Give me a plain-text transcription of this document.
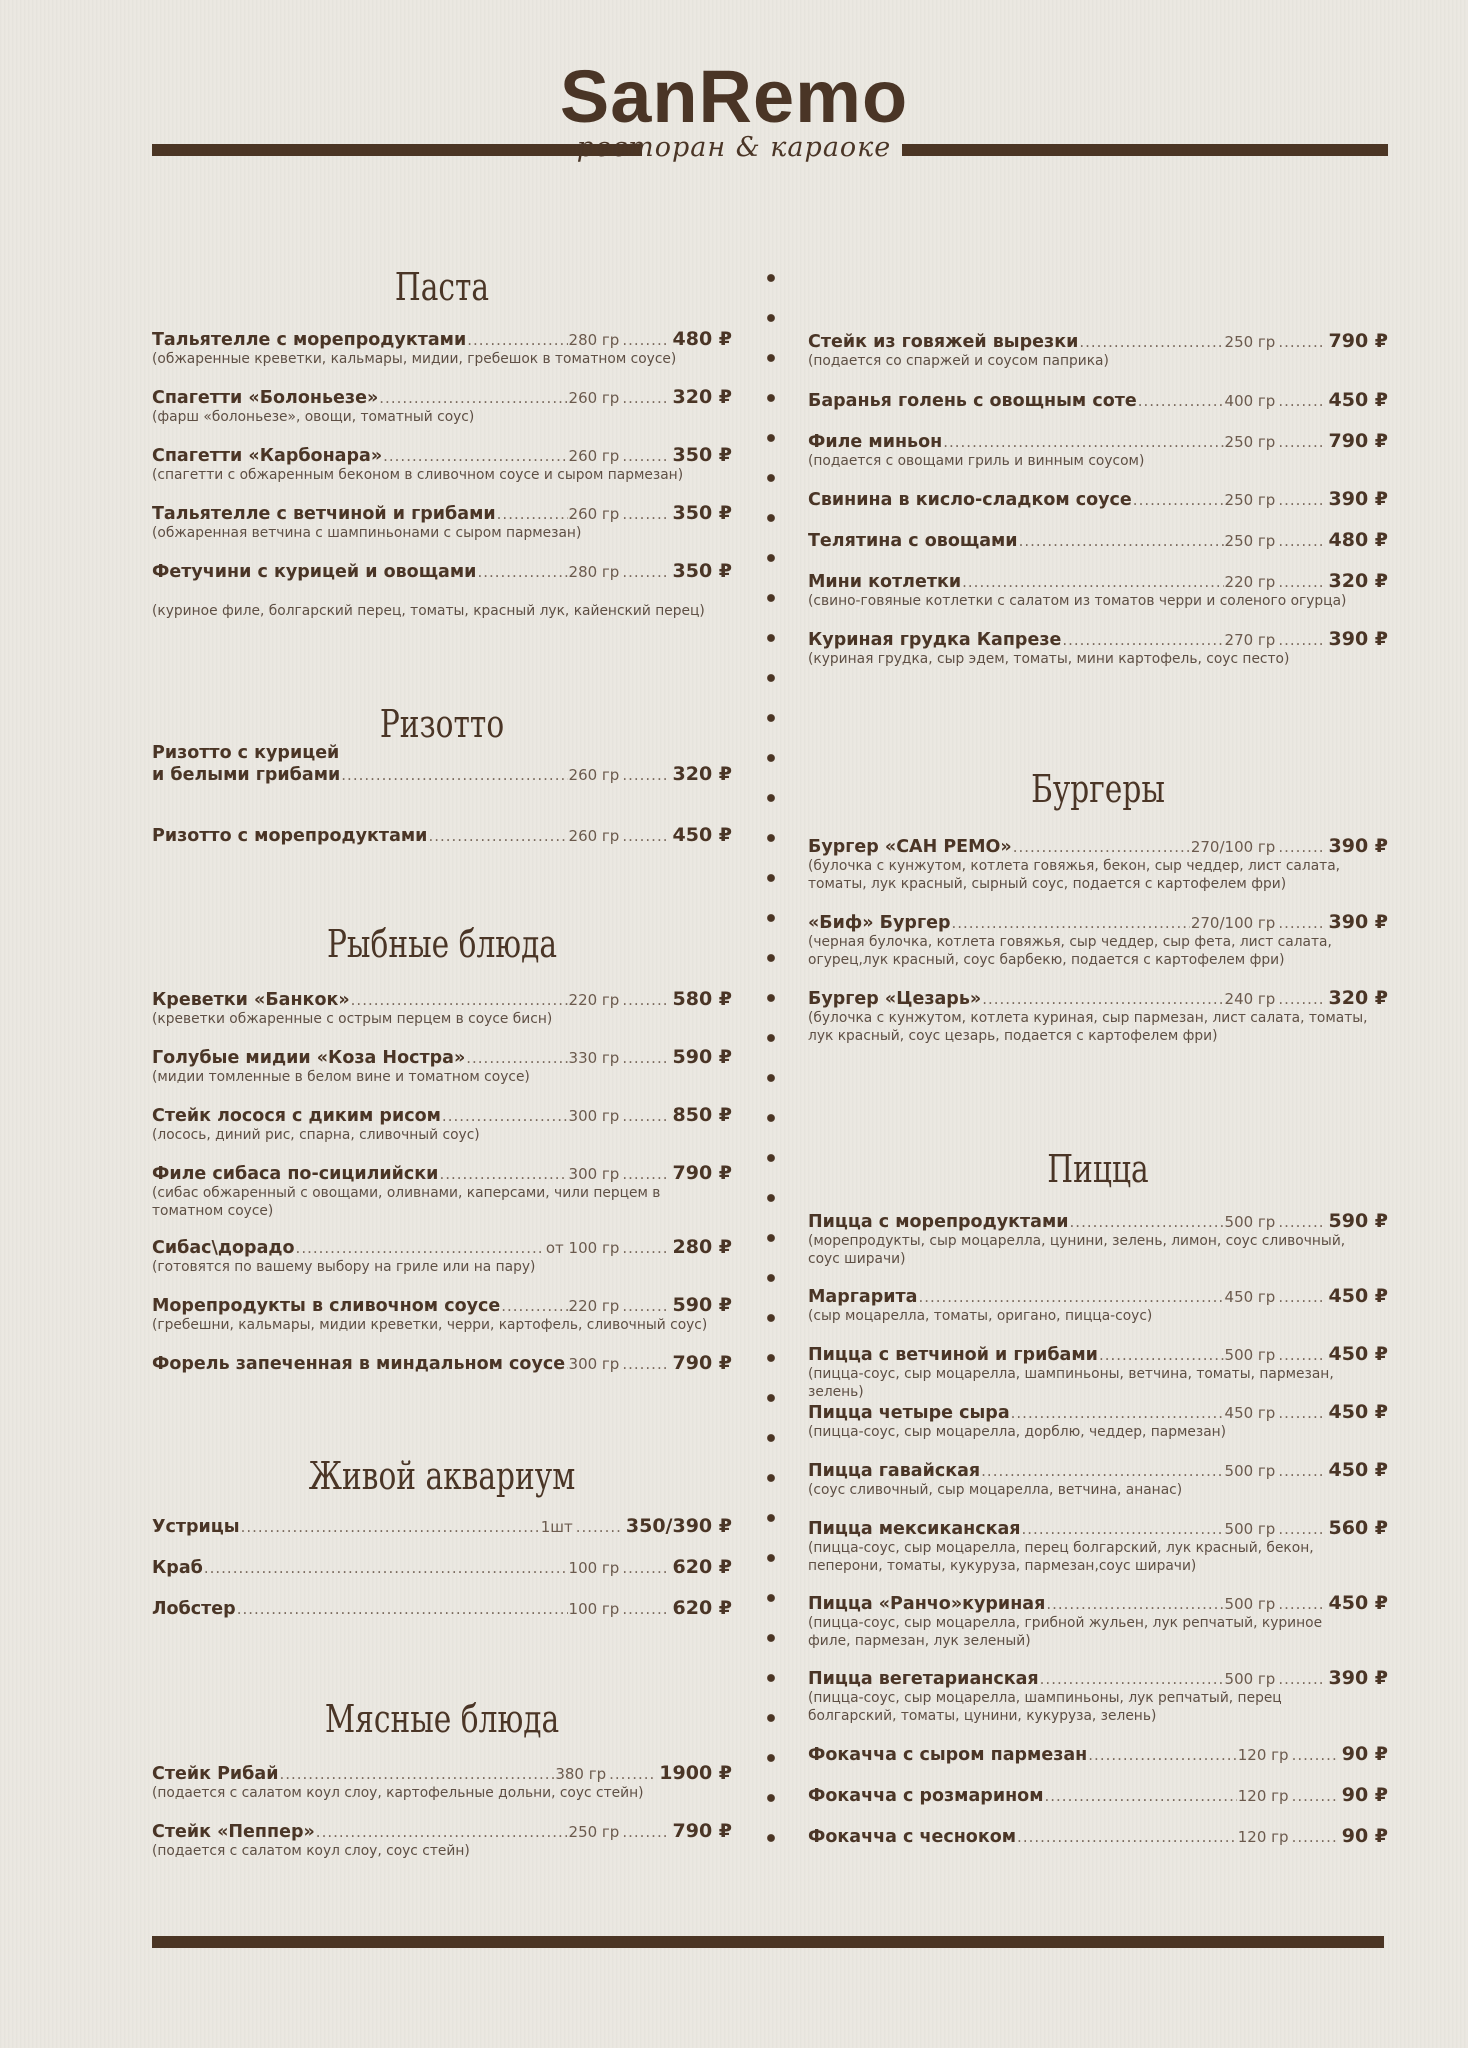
SanRemo
ресторан & караоке
Паста
Тальятелле с морепродуктами .....	280 гр ........	480 ₽
(обжаренные креветки, кальмары, мидии, гребешок в томатном соусе)
Спагетти «Болоньезе» .....	260 гр ........	320 ₽
(фарш «болоньезе», овощи, томатный соус)
Спагетти «Карбонара» .....	260 гр ........	350 ₽
(спагетти с обжаренным беконом в сливочном соусе и сыром пармезан)
Тальятелле с ветчиной и грибами .....	260 гр ........	350 ₽
(обжаренная ветчина с шампиньонами с сыром пармезан)
Фетучини с курицей и овощами .....	280 гр ........	350 ₽
(куриное филе, болгарский перец, томаты, красный лук, кайенский перец)
Ризотто
Ризотто с курицей
и белыми грибами .....	260 гр ........	320 ₽
Ризотто с морепродуктами .....	260 гр ........	450 ₽
Рыбные блюда
Креветки «Банкок» .....	220 гр ........	580 ₽
(креветки обжаренные с острым перцем в соусе бисн)
Голубые мидии «Коза Ностра» .....	330 гр ........	590 ₽
(мидии томленные в белом вине и томатном соусе)
Стейк лосося с диким рисом .....	300 гр ........	850 ₽
(лосось, диний рис, спарна, сливочный соус)
Филе сибаса по-сицилийски .....	300 гр ........	790 ₽
(сибас обжаренный с овощами, оливнами, каперсами, чили перцем в томатном соусе)
Сибас\дорадо .....	от 100 гр ........	280 ₽
(готовятся по вашему выбору на гриле или на пару)
Морепродукты в сливочном соусе .....	220 гр ........	590 ₽
(гребешни, кальмары, мидии креветки, черри, картофель, сливочный соус)
Форель запеченная в миндальном соусе ..... 300 гр ........	790 ₽
Живой аквариум
Устрицы .....	1шт ........	350/390 ₽
Краб .....	100 гр ........	620 ₽
Лобстер .....	100 гр ........	620 ₽
Мясные блюда
Стейк Рибай .....	380 гр ........	1900 ₽
(подается с салатом коул слоу, картофельные дольни, соус стейн)
Стейк «Пеппер» .....	250 гр ........	790 ₽
(подается с салатом коул слоу, соус стейн)
Стейк из говяжей вырезки .....	250 гр ........	790 ₽
(подается со спаржей и соусом паприка)
Баранья голень с овощным соте .....	400 гр ........	450 ₽
Филе миньон .....	250 гр ........	790 ₽
(подается с овощами гриль и винным соусом)
Свинина в кисло-сладком соусе .....	250 гр ........	390 ₽
Телятина с овощами .....	250 гр ........	480 ₽
Мини котлетки .....	220 гр ........	320 ₽
(свино-говяные котлетки с салатом из томатов черри и соленого огурца)
Куриная грудка Капрезе .....	270 гр ........	390 ₽
(куриная грудка, сыр эдем, томаты, мини картофель, соус песто)
Бургеры
Бургер «САН РЕМО» .....	270/100 гр ........	390 ₽
(булочка с кунжутом, котлета говяжья, бекон, сыр чеддер, лист салата, томаты, лук красный, сырный соус, подается с картофелем фри)
«Биф» Бургер .....	270/100 гр ........	390 ₽
(черная булочка, котлета говяжья, сыр чеддер, сыр фета, лист салата, огурец,лук красный, соус барбекю, подается с картофелем фри)
Бургер «Цезарь» .....	240 гр ........	320 ₽
(булочка с кунжутом, котлета куриная, сыр пармезан, лист салата, томаты, лук красный, соус цезарь, подается с картофелем фри)
Пицца
Пицца с морепродуктами .....	500 гр ........	590 ₽
(морепродукты, сыр моцарелла, цунини, зелень, лимон, соус сливочный, соус ширачи)
Маргарита .....	450 гр ........	450 ₽
(сыр моцарелла, томаты, оригано, пицца-соус)
Пицца с ветчиной и грибами .....	500 гр ........	450 ₽
(пицца-соус, сыр моцарелла, шампиньоны, ветчина, томаты, пармезан, зелень)
Пицца четыре сыра .....	450 гр ........	450 ₽
(пицца-соус, сыр моцарелла, дорблю, чеддер, пармезан)
Пицца гавайская .....	500 гр ........	450 ₽
(соус сливочный, сыр моцарелла, ветчина, ананас)
Пицца мексиканская .....	500 гр ........	560 ₽
(пицца-соус, сыр моцарелла, перец болгарский, лук красный, бекон, пеперони, томаты, кукуруза, пармезан,соус ширачи)
Пицца «Ранчо»куриная .....	500 гр ........	450 ₽
(пицца-соус, сыр моцарелла, грибной жульен, лук репчатый, куриное филе, пармезан, лук зеленый)
Пицца вегетарианская .....	500 гр ........	390 ₽
(пицца-соус, сыр моцарелла, шампиньоны, лук репчатый, перец болгарский, томаты, цунини, кукуруза, зелень)
Фокачча с сыром пармезан .....	120 гр ........	90 ₽
Фокачча с розмарином .....	120 гр ........	90 ₽
Фокачча с чесноком .....	120 гр ........	90 ₽
